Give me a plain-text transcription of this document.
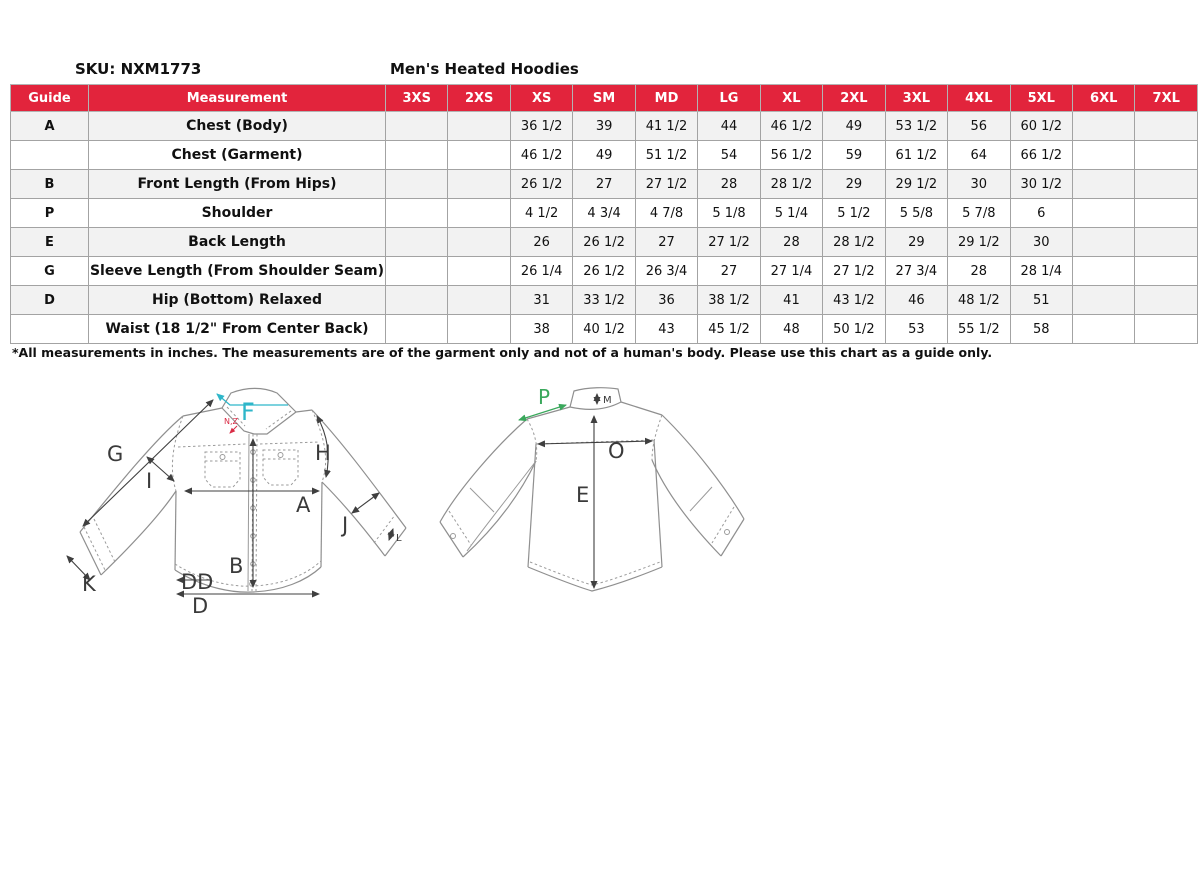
SKU: NXM1773	Men's Heated Hoodies
Guide	Measurement	3XS	2XS	XS	SM	MD	LG	XL	2XL	3XL	4XL	5XL	6XL	7XL
A	Chest (Body)			36 1/2	39	41 1/2	44	46 1/2	49	53 1/2	56	60 1/2		
	Chest (Garment)			46 1/2	49	51 1/2	54	56 1/2	59	61 1/2	64	66 1/2		
B	Front Length (From Hips)			26 1/2	27	27 1/2	28	28 1/2	29	29 1/2	30	30 1/2		
P	Shoulder			4 1/2	4 3/4	4 7/8	5 1/8	5 1/4	5 1/2	5 5/8	5 7/8	6		
E	Back Length			26	26 1/2	27	27 1/2	28	28 1/2	29	29 1/2	30		
G	Sleeve Length (From Shoulder Seam)			26 1/4	26 1/2	26 3/4	27	27 1/4	27 1/2	27 3/4	28	28 1/4		
D	Hip (Bottom) Relaxed			31	33 1/2	36	38 1/2	41	43 1/2	46	48 1/2	51		
	Waist (18 1/2" From Center Back)			38	40 1/2	43	45 1/2	48	50 1/2	53	55 1/2	58		
*All measurements in inches. The measurements are of the garment only and not of a human's body. Please use this chart as a guide only.
G
I
H
A
J
B
K	DD
D
L
F
N,Z
M
P
O
E
